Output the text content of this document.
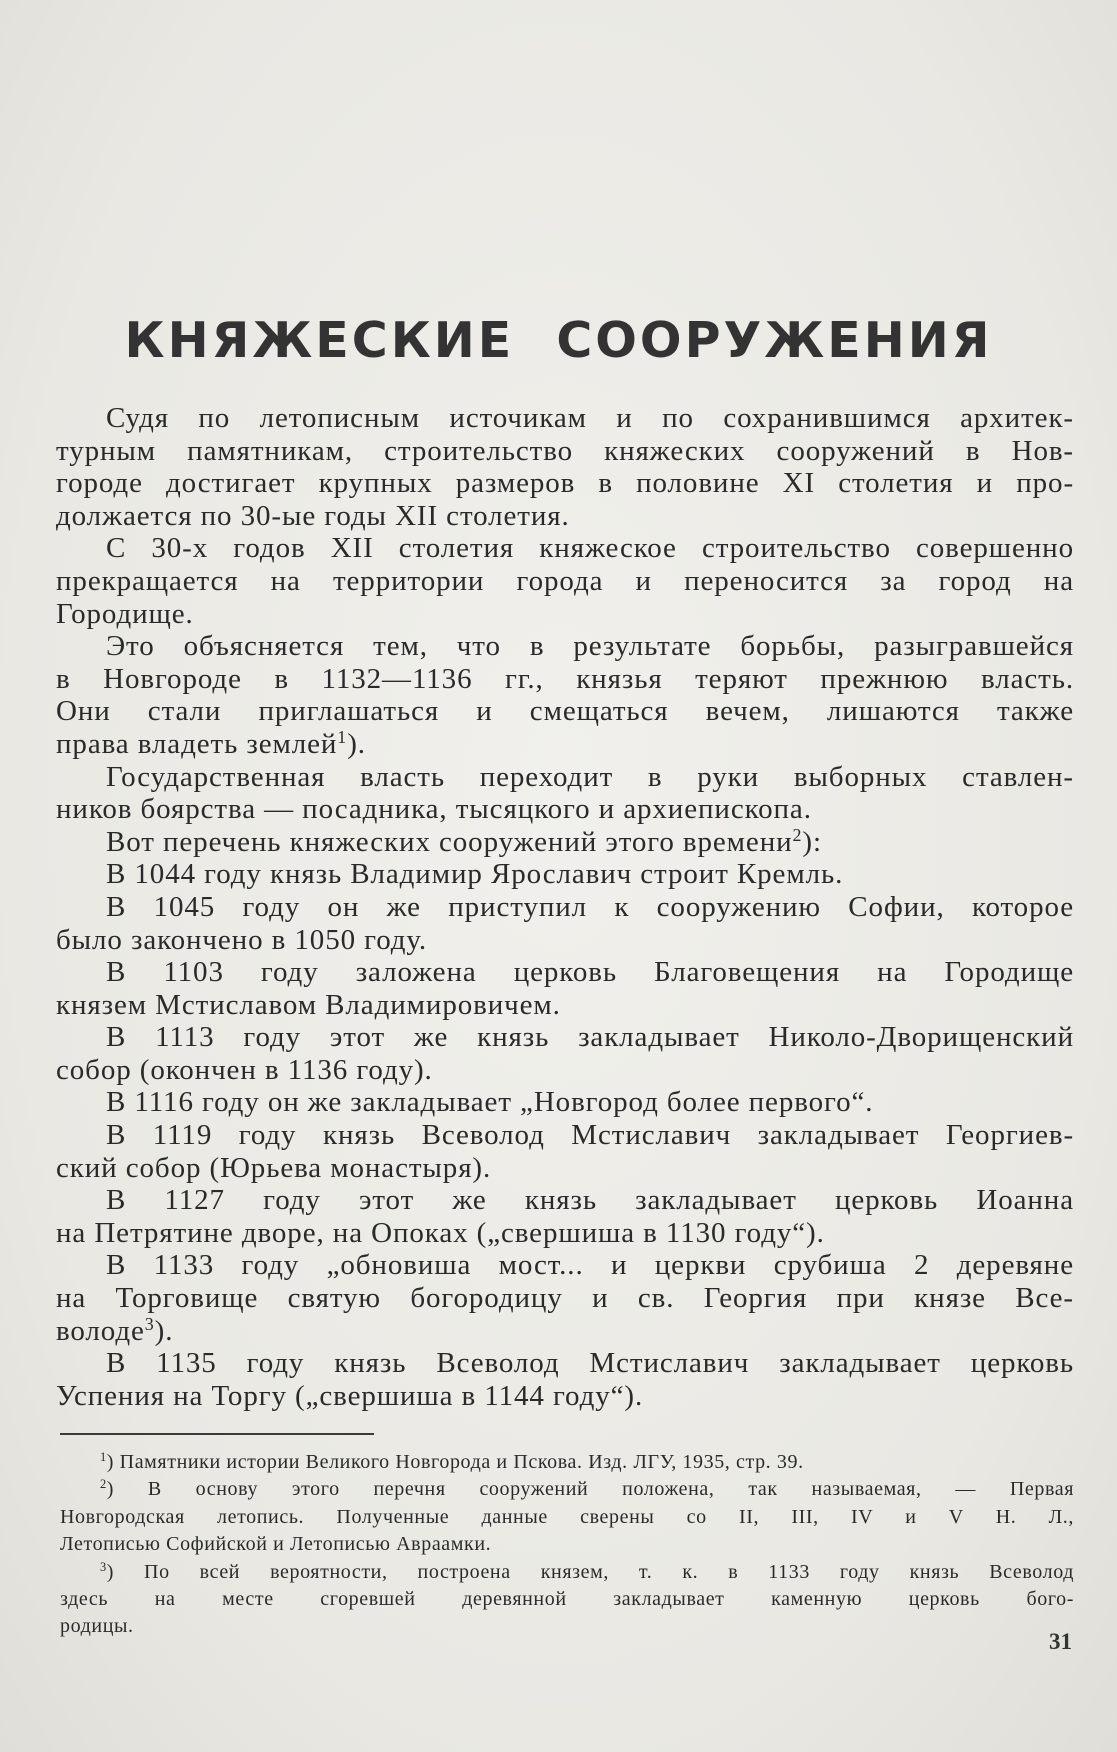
КНЯЖЕСКИЕ СООРУЖЕНИЯ

Судя по летописным источикам и по сохранившимся архитек-

турным памятникам, строительство княжеских сооружений в Нов-

городе достигает крупных размеров в половине XI столетия и про-

должается по 30-ые годы XII столетия.

С 30-х годов XII столетия княжеское строительство совершенно

прекращается на территории города и переносится за город на

Городище.

Это объясняется тем, что в результате борьбы, разыгравшейся

в Новгороде в 1132—1136 гг., князья теряют прежнюю власть.

Они стали приглашаться и смещаться вечем, лишаются также

права владеть землей$^1$).

Государственная власть переходит в руки выборных ставлен-

ников боярства — посадника, тысяцкого и архиепископа.

Вот перечень княжеских сооружений этого времени$^2$):

В 1044 году князь Владимир Ярославич строит Кремль.

В 1045 году он же приступил к сооружению Софии, которое

было закончено в 1050 году.

В 1103 году заложена церковь Благовещения на Городище

князем Мстиславом Владимировичем.

В 1113 году этот же князь закладывает Николо-Дворищенский

собор (окончен в 1136 году).

В 1116 году он же закладывает „Новгород более первого“.

В 1119 году князь Всеволод Мстиславич закладывает Георгиев-

ский собор (Юрьева монастыря).

В 1127 году этот же князь закладывает церковь Иоанна

на Петрятине дворе, на Опоках („свершиша в 1130 году“).

В 1133 году „обновиша мост... и церкви срубиша 2 деревяне

на Торговище святую богородицу и св. Георгия при князе Все-

володе$^3$).

В 1135 году князь Всеволод Мстиславич закладывает церковь

Успения на Торгу („свершиша в 1144 году“).

$^1$) Памятники истории Великого Новгорода и Пскова. Изд. ЛГУ, 1935, стр. 39.

$^2$) В основу этого перечня сооружений положена, так называемая, — Первая

Новгородская летопись. Полученные данные сверены со II, III, IV и V Н. Л.,

Летописью Софийской и Летописью Авраамки.

$^3$) По всей вероятности, построена князем, т. к. в 1133 году князь Всеволод

здесь на месте сгоревшей деревянной закладывает каменную церковь бого-

родицы.

31
